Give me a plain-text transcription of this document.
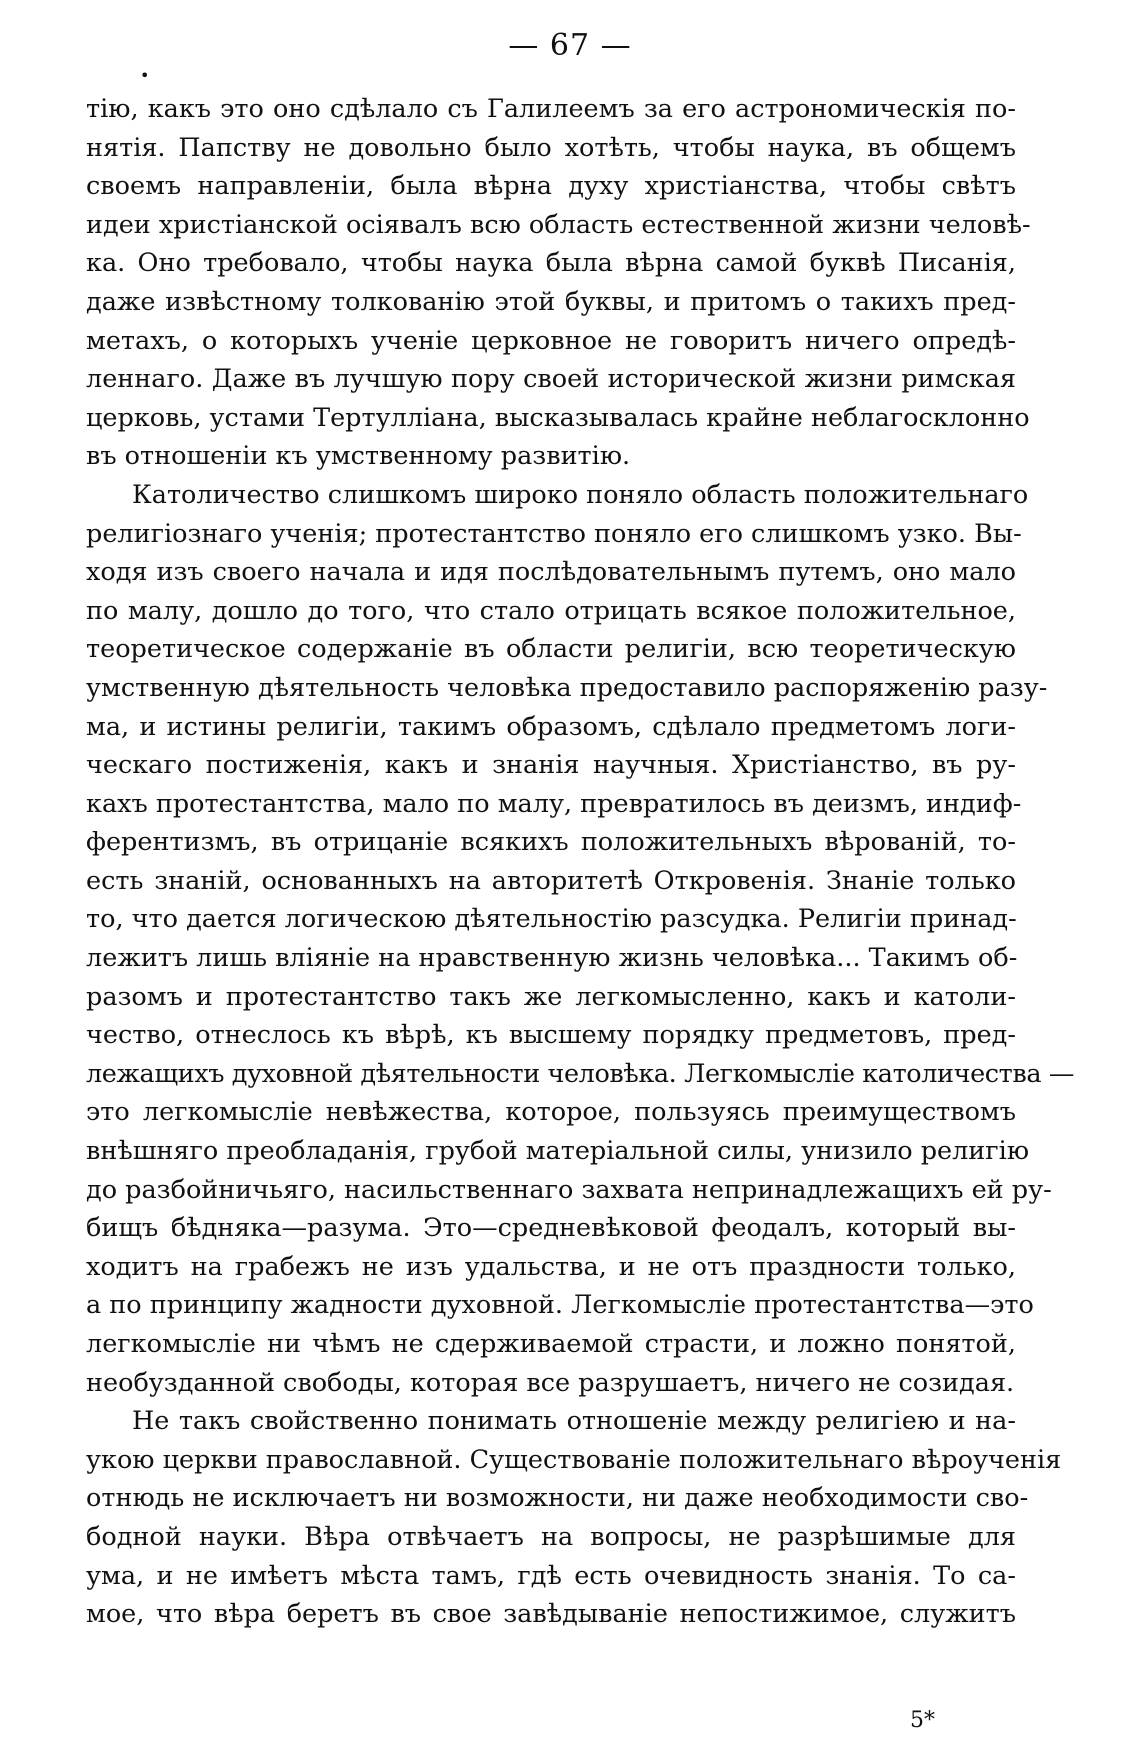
— 67 —
•
тію, какъ это оно сдѣлало съ Галилеемъ за его астрономическія по-
нятія. Папству не довольно было хотѣть, чтобы наука, въ общемъ
своемъ направленіи, была вѣрна духу христіанства, чтобы свѣтъ
идеи христіанской осіявалъ всю область естественной жизни человѣ-
ка. Оно требовало, чтобы наука была вѣрна самой буквѣ Писанія,
даже извѣстному толкованію этой буквы, и притомъ о такихъ пред-
метахъ, о которыхъ ученіе церковное не говоритъ ничего опредѣ-
леннаго. Даже въ лучшую пору своей исторической жизни римская
церковь, устами Тертулліана, высказывалась крайне неблагосклонно
въ отношеніи къ умственному развитію.
Католичество слишкомъ широко поняло область положительнаго
религіознаго ученія; протестантство поняло его слишкомъ узко. Вы-
ходя изъ своего начала и идя послѣдовательнымъ путемъ, оно мало
по малу, дошло до того, что стало отрицать всякое положительное,
теоретическое содержаніе въ области религіи, всю теоретическую
умственную дѣятельность человѣка предоставило распоряженію разу-
ма, и истины религіи, такимъ образомъ, сдѣлало предметомъ логи-
ческаго постиженія, какъ и знанія научныя. Христіанство, въ ру-
кахъ протестантства, мало по малу, превратилось въ деизмъ, индиф-
ферентизмъ, въ отрицаніе всякихъ положительныхъ вѣрованій, то-
есть знаній, основанныхъ на авторитетѣ Откровенія. Знаніе только
то, что дается логическою дѣятельностію разсудка. Религіи принад-
лежитъ лишь вліяніе на нравственную жизнь человѣка... Такимъ об-
разомъ и протестантство такъ же легкомысленно, какъ и католи-
чество, отнеслось къ вѣрѣ, къ высшему порядку предметовъ, пред-
лежащихъ духовной дѣятельности человѣка. Легкомысліе католичества —
это легкомысліе невѣжества, которое, пользуясь преимуществомъ
внѣшняго преобладанія, грубой матеріальной силы, унизило религію
до разбойничьяго, насильственнаго захвата непринадлежащихъ ей ру-
бищъ бѣдняка—разума. Это—средневѣковой феодалъ, который вы-
ходитъ на грабежъ не изъ удальства, и не отъ праздности только,
а по принципу жадности духовной. Легкомысліе протестантства—это
легкомысліе ни чѣмъ не сдерживаемой страсти, и ложно понятой,
необузданной свободы, которая все разрушаетъ, ничего не созидая.
Не такъ свойственно понимать отношеніе между религіею и на-
укою церкви православной. Существованіе положительнаго вѣроученія
отнюдь не исключаетъ ни возможности, ни даже необходимости сво-
бодной науки. Вѣра отвѣчаетъ на вопросы, не разрѣшимые для
ума, и не имѣетъ мѣста тамъ, гдѣ есть очевидность знанія. То са-
мое, что вѣра беретъ въ свое завѣдываніе непостижимое, служитъ
5*
